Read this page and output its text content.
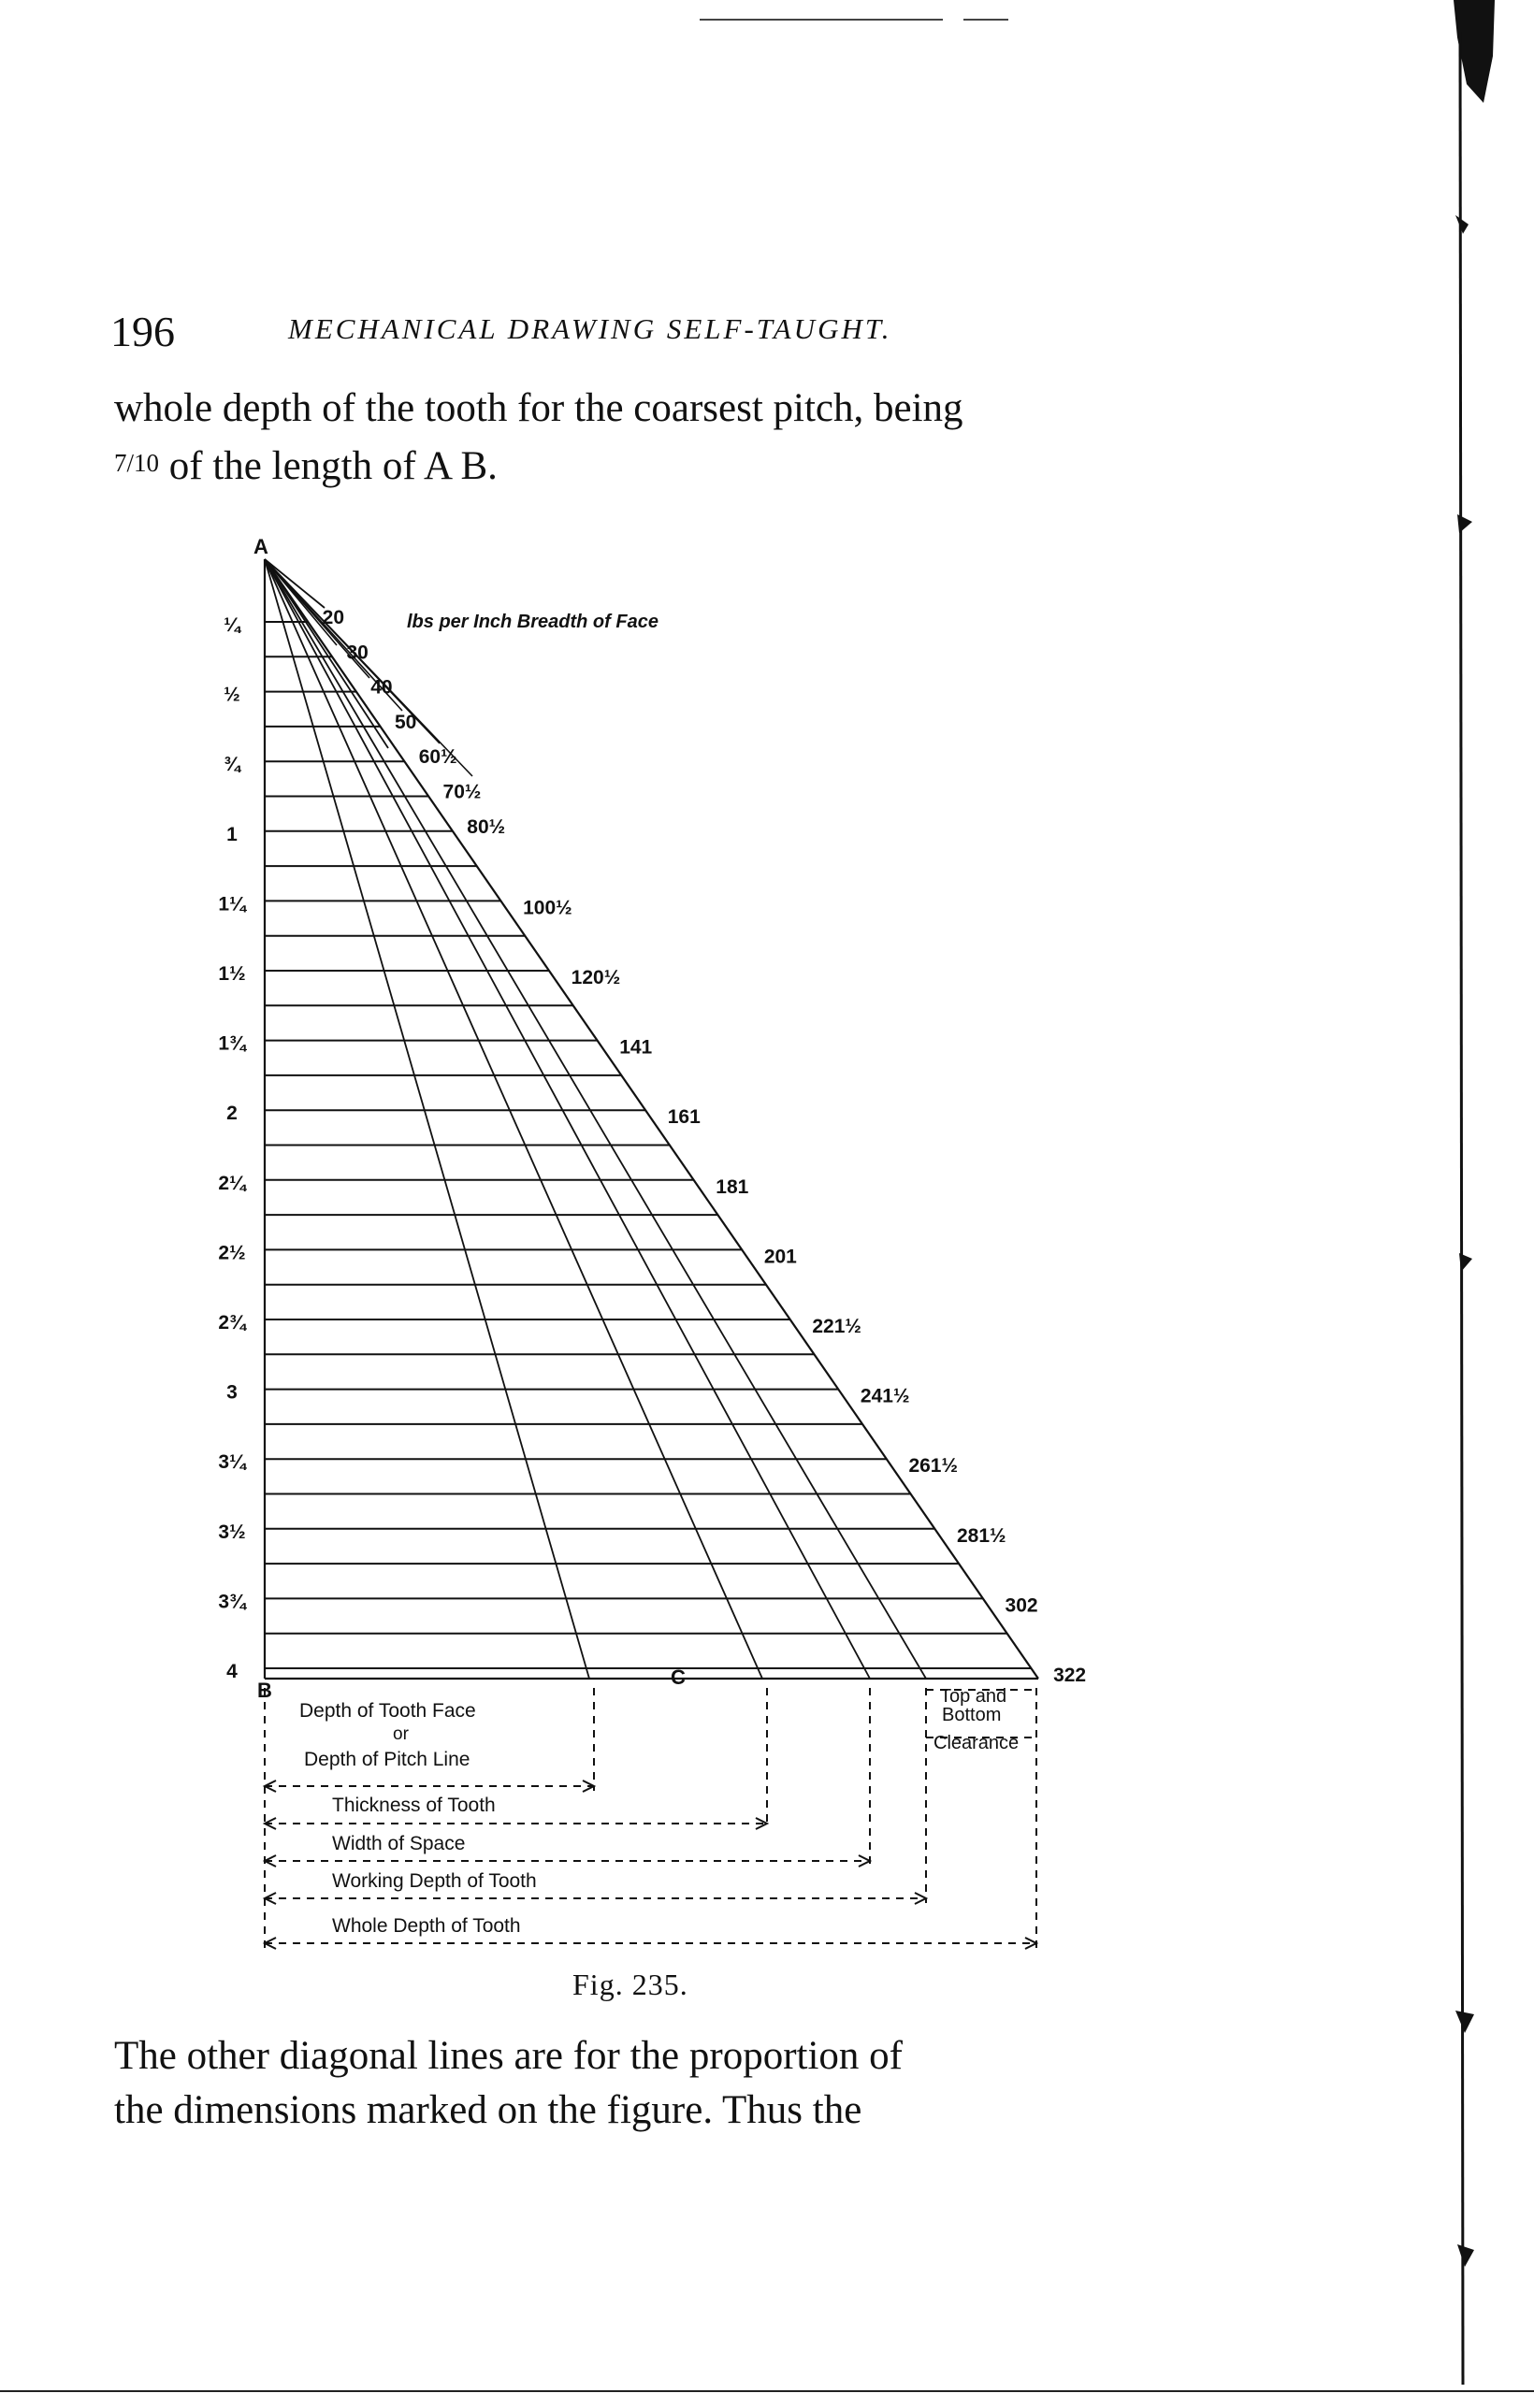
196	MECHANICAL DRAWING SELF-TAUGHT.
whole depth of the tooth for the coarsest pitch, being
7/10 of the length of A B.
¼
½
¾
1
1¼
1½
1¾
2
2¼
2½
2¾
3
3¼
3½
3¾
4
20
30
40
50
60½
70½
80½
100½
120½
141
161
181
201
221½
241½
261½
281½
302
322
A
B
C
lbs per Inch Breadth of Face
Depth of Tooth Face
or
Depth of Pitch Line
Thickness of Tooth
Width of Space
Working Depth of Tooth
Whole Depth of Tooth
Top and
Bottom
Clearance
Fig. 235.
The other diagonal lines are for the proportion of
the dimensions marked on the figure. Thus the
